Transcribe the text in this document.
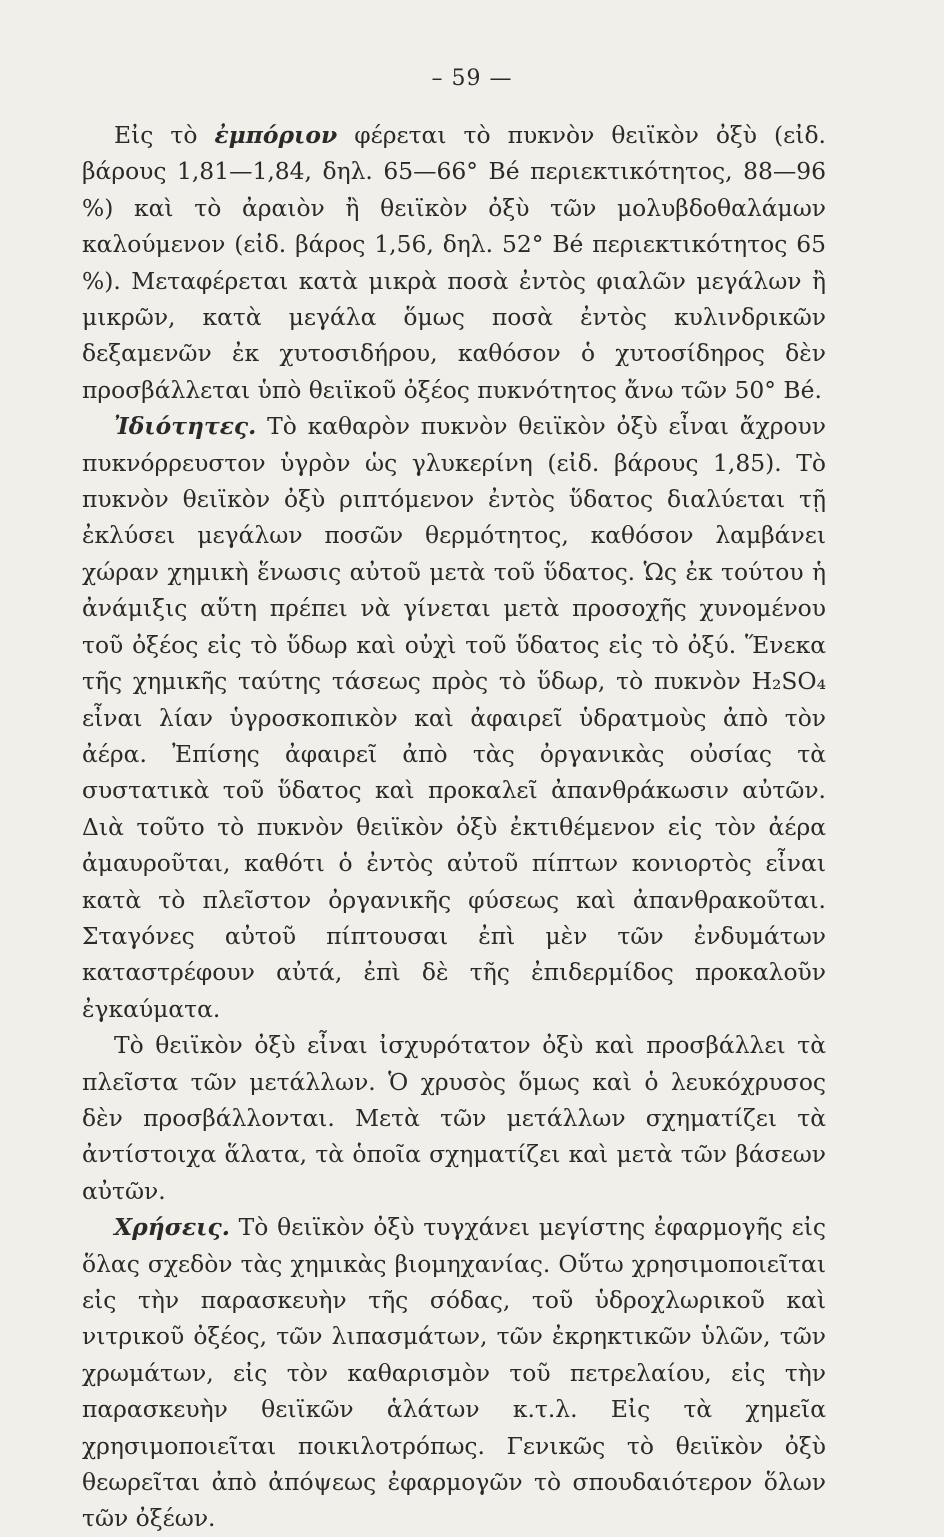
– 59 —

Εἰς τὸ ἐμπόριον φέρεται τὸ πυκνὸν θειϊκὸν ὀξὺ (εἰδ. βάρους 1,81—1,84, δηλ. 65—66° Bé περιεκτικότητος, 88—96 %) καὶ τὸ ἀραιὸν ἢ θειϊκὸν ὀξὺ τῶν μολυβδοθαλάμων καλούμενον (εἰδ. βάρος 1,56, δηλ. 52° Bé περιεκτικότητος 65 %). Μεταφέρεται κατὰ μικρὰ ποσὰ ἐντὸς φιαλῶν μεγάλων ἢ μικρῶν, κατὰ μεγάλα ὅμως ποσὰ ἐντὸς κυλινδρικῶν δεξαμενῶν ἐκ χυτοσιδήρου, καθόσον ὁ χυτοσίδηρος δὲν προσβάλλεται ὑπὸ θειϊκοῦ ὀξέος πυκνότητος ἄνω τῶν 50° Bé.

Ἰδιότητες. Τὸ καθαρὸν πυκνὸν θειϊκὸν ὀξὺ εἶναι ἄχρουν πυκνόρρευστον ὑγρὸν ὡς γλυκερίνη (εἰδ. βάρους 1,85). Τὸ πυκνὸν θειϊκὸν ὀξὺ ριπτόμενον ἐντὸς ὕδατος διαλύεται τῇ ἐκλύσει μεγάλων ποσῶν θερμότητος, καθόσον λαμβάνει χώραν χημικὴ ἕνωσις αὐτοῦ μετὰ τοῦ ὕδατος. Ὡς ἐκ τούτου ἡ ἀνάμιξις αὕτη πρέπει νὰ γίνεται μετὰ προσοχῆς χυνομένου τοῦ ὀξέος εἰς τὸ ὕδωρ καὶ οὐχὶ τοῦ ὕδατος εἰς τὸ ὀξύ. Ἕνεκα τῆς χημικῆς ταύτης τάσεως πρὸς τὸ ὕδωρ, τὸ πυκνὸν H₂SO₄ εἶναι λίαν ὑγροσκοπικὸν καὶ ἀφαιρεῖ ὑδρατμοὺς ἀπὸ τὸν ἀέρα. Ἐπίσης ἀφαιρεῖ ἀπὸ τὰς ὀργανικὰς οὐσίας τὰ συστατικὰ τοῦ ὕδατος καὶ προκαλεῖ ἀπανθράκωσιν αὐτῶν. Διὰ τοῦτο τὸ πυκνὸν θειϊκὸν ὀξὺ ἐκτιθέμενον εἰς τὸν ἀέρα ἀμαυροῦται, καθότι ὁ ἐντὸς αὐτοῦ πίπτων κονιορτὸς εἶναι κατὰ τὸ πλεῖστον ὀργανικῆς φύσεως καὶ ἀπανθρακοῦται. Σταγόνες αὐτοῦ πίπτουσαι ἐπὶ μὲν τῶν ἐνδυμάτων καταστρέφουν αὐτά, ἐπὶ δὲ τῆς ἐπιδερμίδος προκαλοῦν ἐγκαύματα.

Τὸ θειϊκὸν ὀξὺ εἶναι ἰσχυρότατον ὀξὺ καὶ προσβάλλει τὰ πλεῖστα τῶν μετάλλων. Ὁ χρυσὸς ὅμως καὶ ὁ λευκόχρυσος δὲν προσβάλλονται. Μετὰ τῶν μετάλλων σχηματίζει τὰ ἀντίστοιχα ἅλατα, τὰ ὁποῖα σχηματίζει καὶ μετὰ τῶν βάσεων αὐτῶν.

Χρήσεις. Τὸ θειϊκὸν ὀξὺ τυγχάνει μεγίστης ἐφαρμογῆς εἰς ὅλας σχεδὸν τὰς χημικὰς βιομηχανίας. Οὕτω χρησιμοποιεῖται εἰς τὴν παρασκευὴν τῆς σόδας, τοῦ ὑδροχλωρικοῦ καὶ νιτρικοῦ ὀξέος, τῶν λιπασμάτων, τῶν ἐκρηκτικῶν ὑλῶν, τῶν χρωμάτων, εἰς τὸν καθαρισμὸν τοῦ πετρελαίου, εἰς τὴν παρασκευὴν θειϊκῶν ἁλάτων κ.τ.λ. Εἰς τὰ χημεῖα χρησιμοποιεῖται ποικιλοτρόπως. Γενικῶς τὸ θειϊκὸν ὀξὺ θεωρεῖται ἀπὸ ἀπόψεως ἐφαρμογῶν τὸ σπουδαιότερον ὅλων τῶν ὀξέων.
